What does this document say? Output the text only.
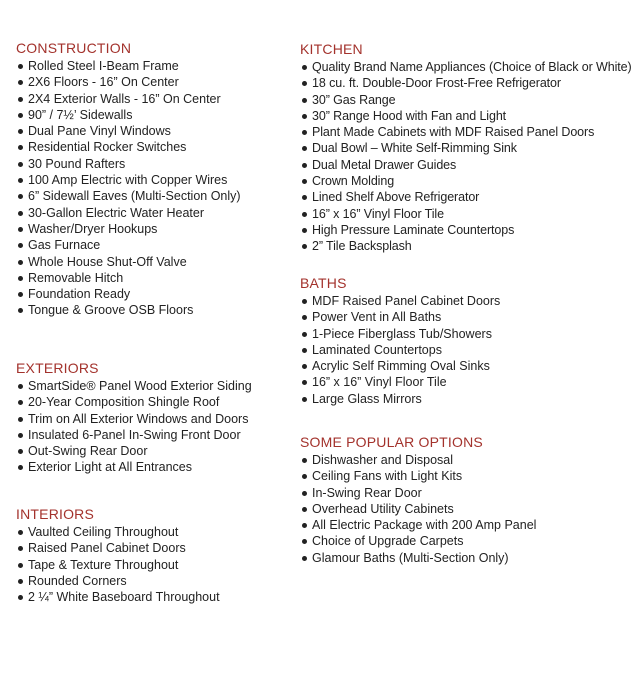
CONSTRUCTION
Rolled Steel I-Beam Frame
2X6 Floors - 16” On Center
2X4 Exterior Walls - 16” On Center
90” / 7½’ Sidewalls
Dual Pane Vinyl Windows
Residential Rocker Switches
30 Pound Rafters
100 Amp Electric with Copper Wires
6” Sidewall Eaves (Multi-Section Only)
30-Gallon Electric Water Heater
Washer/Dryer Hookups
Gas Furnace
Whole House Shut-Off Valve
Removable Hitch
Foundation Ready
Tongue & Groove OSB Floors
EXTERIORS
SmartSide® Panel Wood Exterior Siding
20-Year Composition Shingle Roof
Trim on All Exterior Windows and Doors
Insulated 6-Panel In-Swing Front Door
Out-Swing Rear Door
Exterior Light at All Entrances
INTERIORS
Vaulted Ceiling Throughout
Raised Panel Cabinet Doors
Tape & Texture Throughout
Rounded Corners
2 ¼” White Baseboard Throughout
KITCHEN
Quality Brand Name Appliances (Choice of Black or White)
18 cu. ft. Double-Door Frost-Free Refrigerator
30” Gas Range
30” Range Hood with Fan and Light
Plant Made Cabinets with MDF Raised Panel Doors
Dual Bowl – White Self-Rimming Sink
Dual Metal Drawer Guides
Crown Molding
Lined Shelf Above Refrigerator
16” x 16” Vinyl Floor Tile
High Pressure Laminate Countertops
2” Tile Backsplash
BATHS
MDF Raised Panel Cabinet Doors
Power Vent in All Baths
1-Piece Fiberglass Tub/Showers
Laminated Countertops
Acrylic Self Rimming Oval Sinks
16” x 16” Vinyl Floor Tile
Large Glass Mirrors
SOME POPULAR OPTIONS
Dishwasher and Disposal
Ceiling Fans with Light Kits
In-Swing Rear Door
Overhead Utility Cabinets
All Electric Package with 200 Amp Panel
Choice of Upgrade Carpets
Glamour Baths (Multi-Section Only)
